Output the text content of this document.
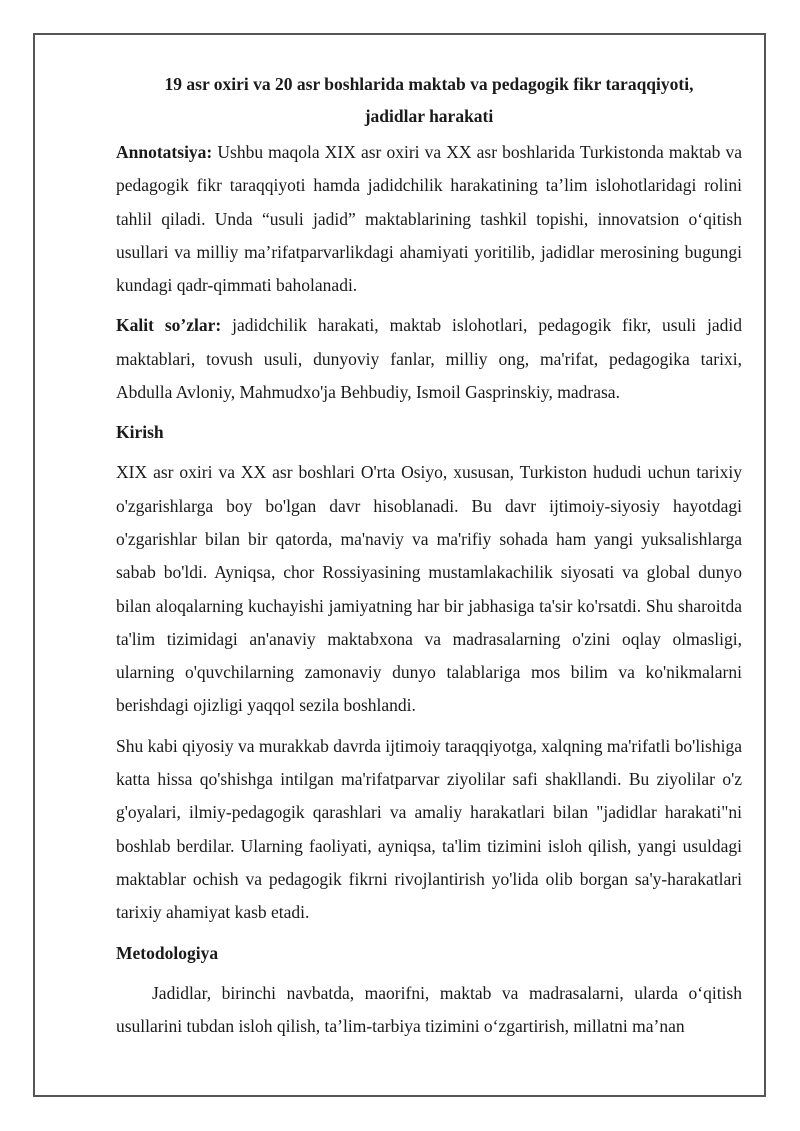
19 asr oxiri va 20 asr boshlarida maktab va pedagogik fikr taraqqiyoti,
jadidlar harakati

Annotatsiya: Ushbu maqola XIX asr oxiri va XX asr boshlarida Turkistonda maktab va pedagogik fikr taraqqiyoti hamda jadidchilik harakatining ta’lim islohotlaridagi rolini tahlil qiladi. Unda “usuli jadid” maktablarining tashkil topishi, innovatsion o‘qitish usullari va milliy ma’rifatparvarlikdagi ahamiyati yoritilib, jadidlar merosining bugungi kundagi qadr-qimmati baholanadi.

Kalit so’zlar: jadidchilik harakati, maktab islohotlari, pedagogik fikr, usuli jadid maktablari, tovush usuli, dunyoviy fanlar, milliy ong, ma'rifat, pedagogika tarixi, Abdulla Avloniy, Mahmudxo'ja Behbudiy, Ismoil Gasprinskiy, madrasa.

Kirish

XIX asr oxiri va XX asr boshlari O'rta Osiyo, xususan, Turkiston hududi uchun tarixiy o'zgarishlarga boy bo'lgan davr hisoblanadi. Bu davr ijtimoiy-siyosiy hayotdagi o'zgarishlar bilan bir qatorda, ma'naviy va ma'rifiy sohada ham yangi yuksalishlarga sabab bo'ldi. Ayniqsa, chor Rossiyasining mustamlakachilik siyosati va global dunyo bilan aloqalarning kuchayishi jamiyatning har bir jabhasiga ta'sir ko'rsatdi. Shu sharoitda ta'lim tizimidagi an'anaviy maktabxona va madrasalarning o'zini oqlay olmasligi, ularning o'quvchilarning zamonaviy dunyo talablariga mos bilim va ko'nikmalarni berishdagi ojizligi yaqqol sezila boshlandi.

Shu kabi qiyosiy va murakkab davrda ijtimoiy taraqqiyotga, xalqning ma'rifatli bo'lishiga katta hissa qo'shishga intilgan ma'rifatparvar ziyolilar safi shakllandi. Bu ziyolilar o'z g'oyalari, ilmiy-pedagogik qarashlari va amaliy harakatlari bilan "jadidlar harakati"ni boshlab berdilar. Ularning faoliyati, ayniqsa, ta'lim tizimini isloh qilish, yangi usuldagi maktablar ochish va pedagogik fikrni rivojlantirish yo'lida olib borgan sa'y-harakatlari tarixiy ahamiyat kasb etadi.

Metodologiya

Jadidlar, birinchi navbatda, maorifni, maktab va madrasalarni, ularda o‘qitish usullarini tubdan isloh qilish, ta’lim-tarbiya tizimini o‘zgartirish, millatni ma’nan
